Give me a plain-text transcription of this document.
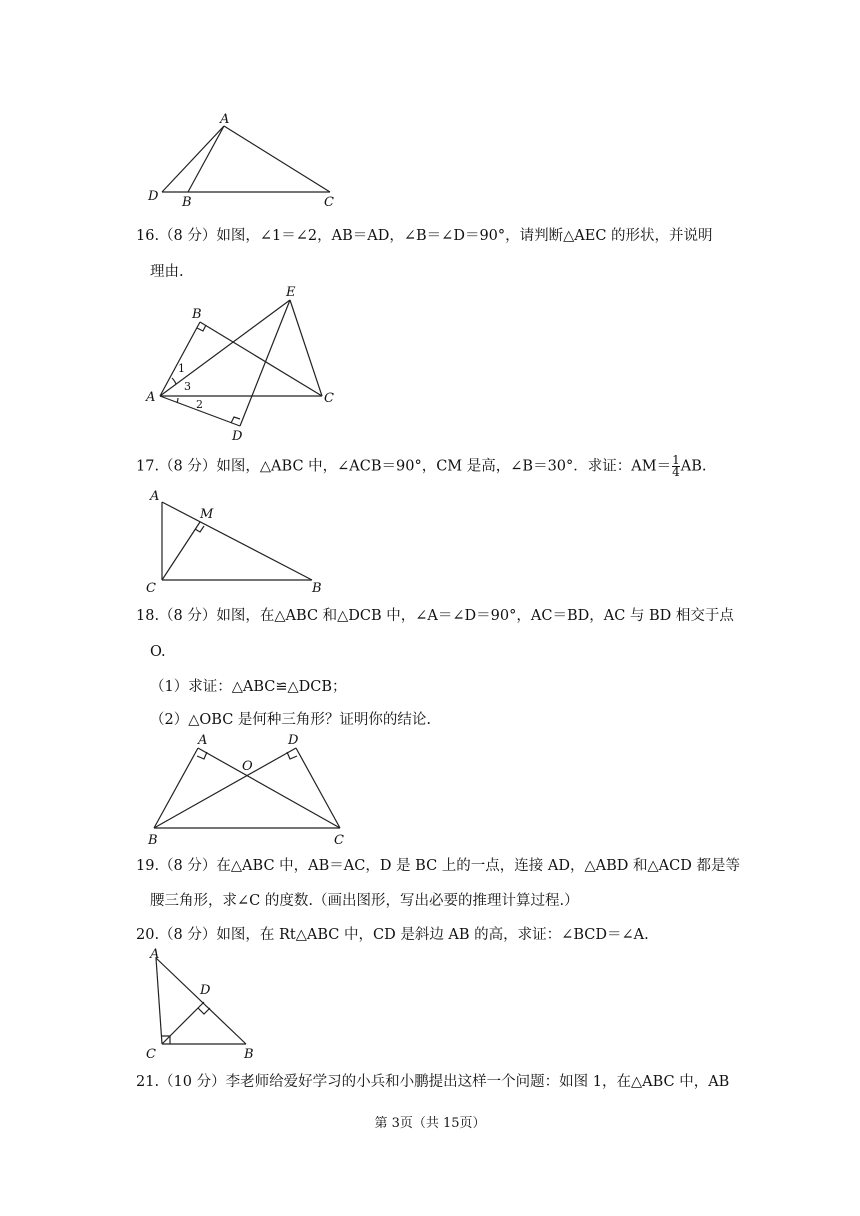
A
D B	C
16.（8 分）如图，∠1＝∠2，AB＝AD，∠B＝∠D＝90°，请判断△AEC 的形状，并说明
理由.
B
E
A	C
D
1
3
2
17.（8 分）如图，△ABC 中，∠ACB＝90°，CM 是高，∠B＝30°．求证：$AM= \frac{1}{4}$ AB.
A
M
C	B
18.（8 分）如图，在△ABC 和△DCB 中，∠A＝∠D＝90°，AC＝BD，AC 与 BD 相交于点
O.
（1）求证：△ABC≌△DCB；
（2）△OBC 是何种三角形？证明你的结论.
A	D
O
B	C
19.（8 分）在△ABC 中，AB＝AC，D 是 BC 上的一点，连接 AD，△ABD 和△ACD 都是等
腰三角形，求∠C 的度数.（画出图形，写出必要的推理计算过程.）
20.（8 分）如图，在 Rt△ABC 中，CD 是斜边 AB 的高，求证：∠BCD＝∠A.
A
D
C	B
21.（10 分）李老师给爱好学习的小兵和小鹏提出这样一个问题：如图 1，在△ABC 中，AB
第 3页（共 15页）
